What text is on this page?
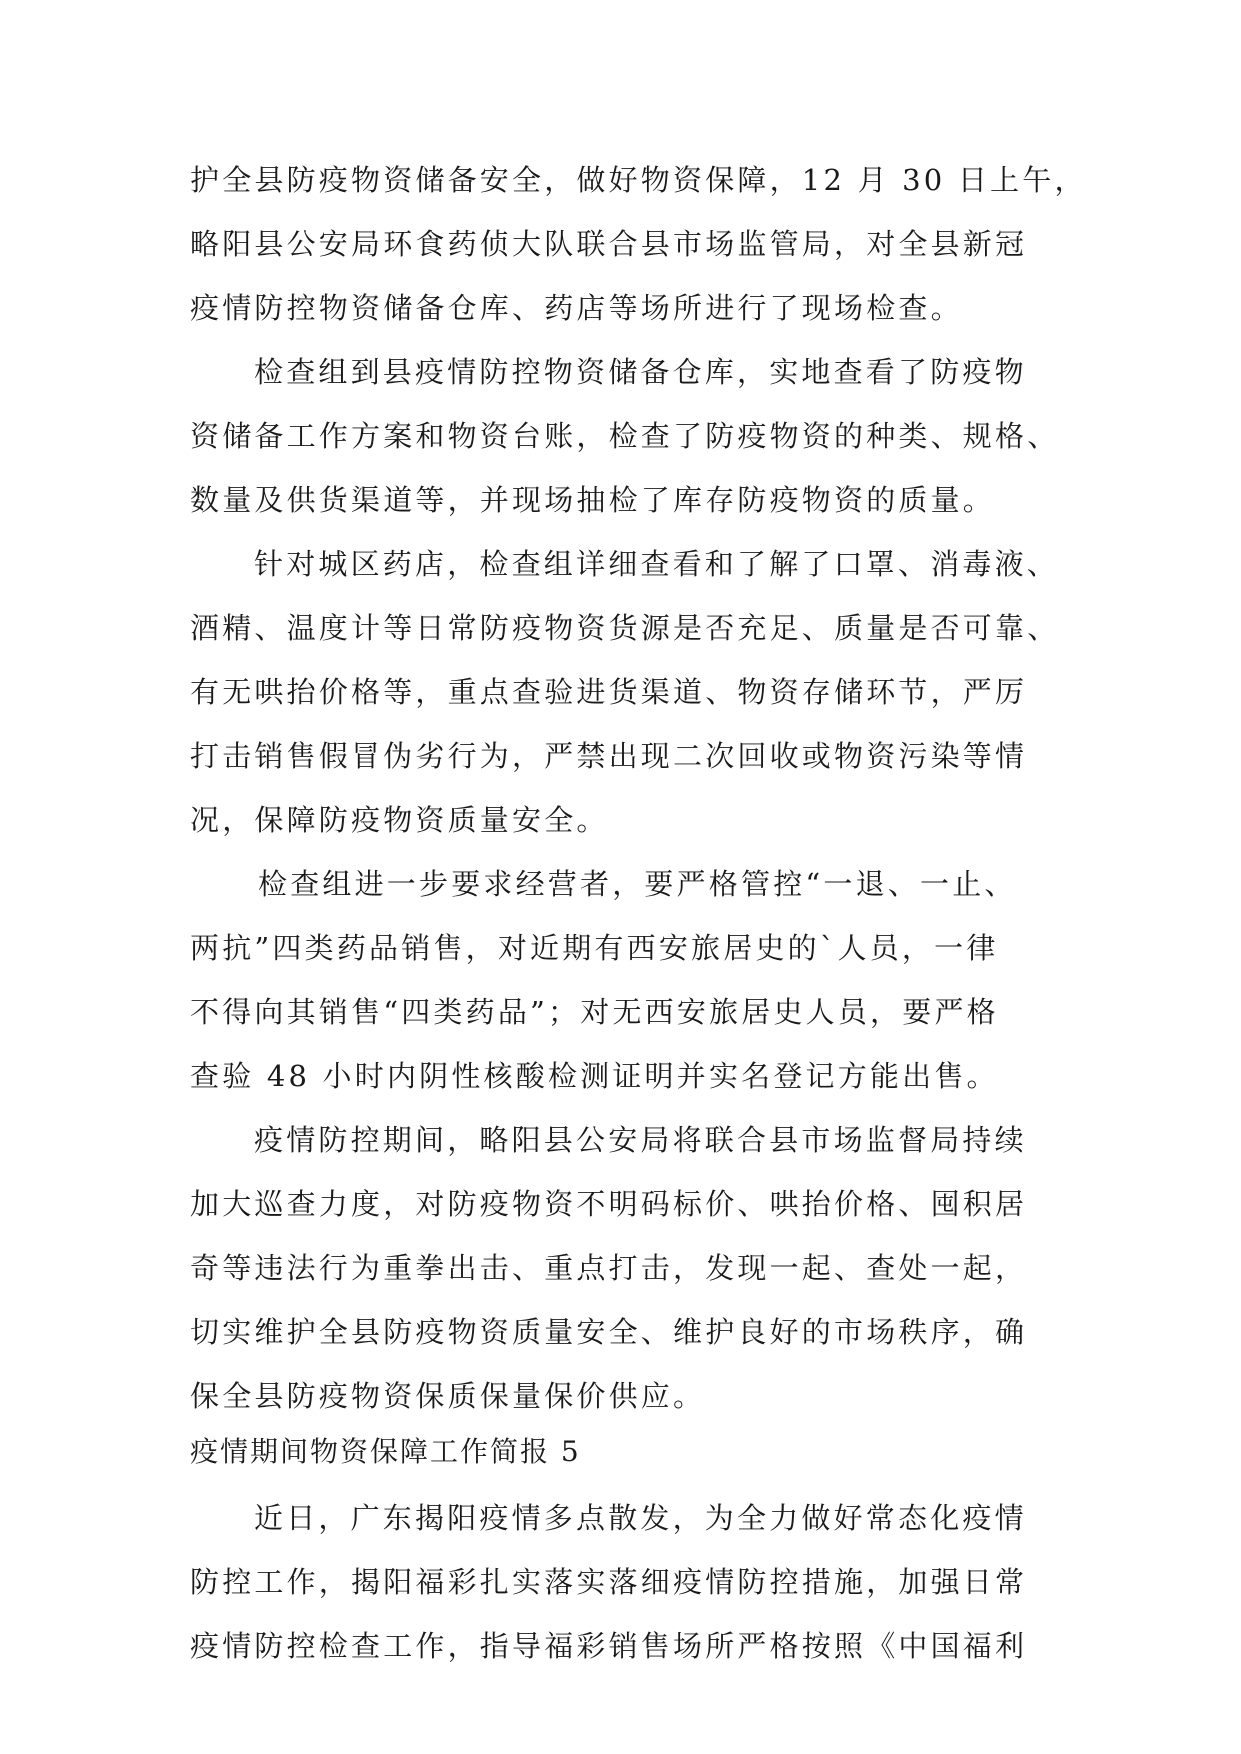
护全县防疫物资储备安全，做好物资保障，12 月 30 日上午，
略阳县公安局环食药侦大队联合县市场监管局，对全县新冠
疫情防控物资储备仓库、药店等场所进行了现场检查。
检查组到县疫情防控物资储备仓库，实地查看了防疫物
资储备工作方案和物资台账，检查了防疫物资的种类、规格、
数量及供货渠道等，并现场抽检了库存防疫物资的质量。
针对城区药店，检查组详细查看和了解了口罩、消毒液、
酒精、温度计等日常防疫物资货源是否充足、质量是否可靠、
有无哄抬价格等，重点查验进货渠道、物资存储环节，严厉
打击销售假冒伪劣行为，严禁出现二次回收或物资污染等情
况，保障防疫物资质量安全。
检查组进一步要求经营者，要严格管控“一退、一止、
两抗”四类药品销售，对近期有西安旅居史的`人员，一律
不得向其销售“四类药品”；对无西安旅居史人员，要严格
查验 48 小时内阴性核酸检测证明并实名登记方能出售。
疫情防控期间，略阳县公安局将联合县市场监督局持续
加大巡查力度，对防疫物资不明码标价、哄抬价格、囤积居
奇等违法行为重拳出击、重点打击，发现一起、查处一起，
切实维护全县防疫物资质量安全、维护良好的市场秩序，确
保全县防疫物资保质保量保价供应。
疫情期间物资保障工作简报 5
近日，广东揭阳疫情多点散发，为全力做好常态化疫情
防控工作，揭阳福彩扎实落实落细疫情防控措施，加强日常
疫情防控检查工作，指导福彩销售场所严格按照《中国福利
